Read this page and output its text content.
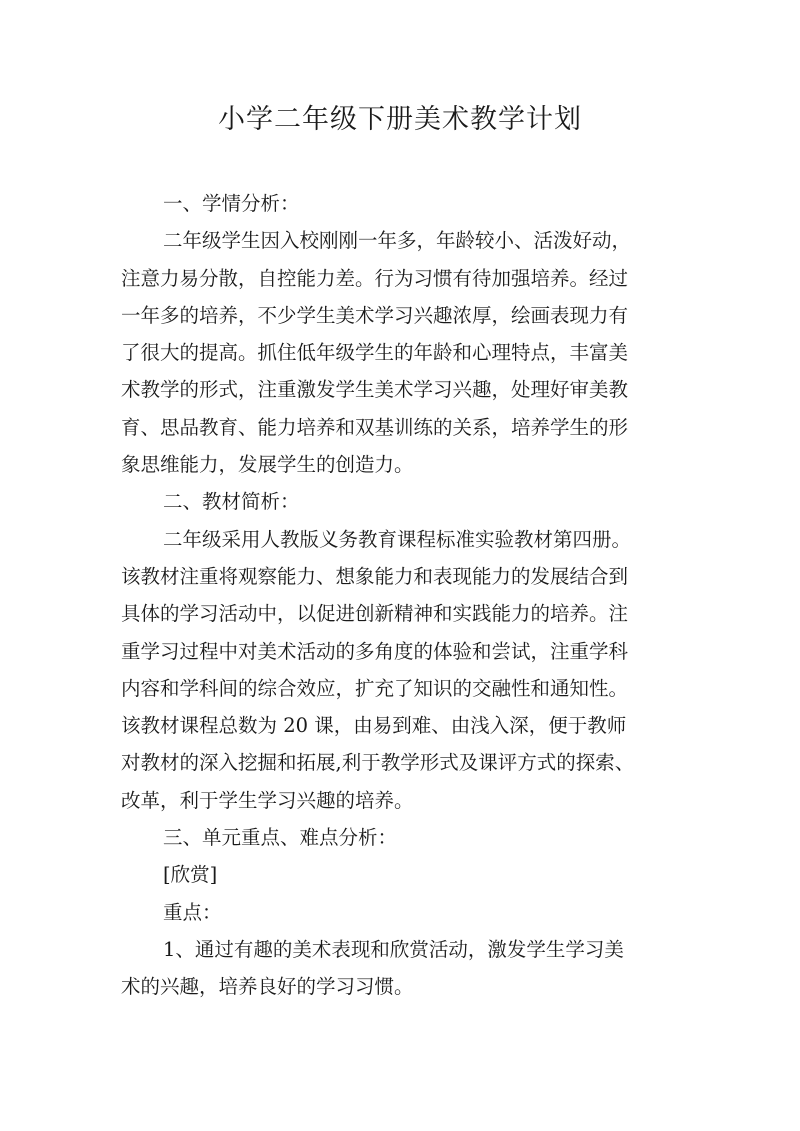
小学二年级下册美术教学计划

一、学情分析：

二年级学生因入校刚刚一年多，年龄较小、活泼好动，

注意力易分散，自控能力差。行为习惯有待加强培养。经过

一年多的培养，不少学生美术学习兴趣浓厚，绘画表现力有

了很大的提高。抓住低年级学生的年龄和心理特点，丰富美

术教学的形式，注重激发学生美术学习兴趣，处理好审美教

育、思品教育、能力培养和双基训练的关系，培养学生的形

象思维能力，发展学生的创造力。

二、教材简析：

二年级采用人教版义务教育课程标准实验教材第四册。

该教材注重将观察能力、想象能力和表现能力的发展结合到

具体的学习活动中，以促进创新精神和实践能力的培养。注

重学习过程中对美术活动的多角度的体验和尝试，注重学科

内容和学科间的综合效应，扩充了知识的交融性和通知性。

该教材课程总数为 20 课，由易到难、由浅入深，便于教师

对教材的深入挖掘和拓展,利于教学形式及课评方式的探索、

改革，利于学生学习兴趣的培养。

三、单元重点、难点分析：

[欣赏]

重点：

1、通过有趣的美术表现和欣赏活动，激发学生学习美

术的兴趣，培养良好的学习习惯。
